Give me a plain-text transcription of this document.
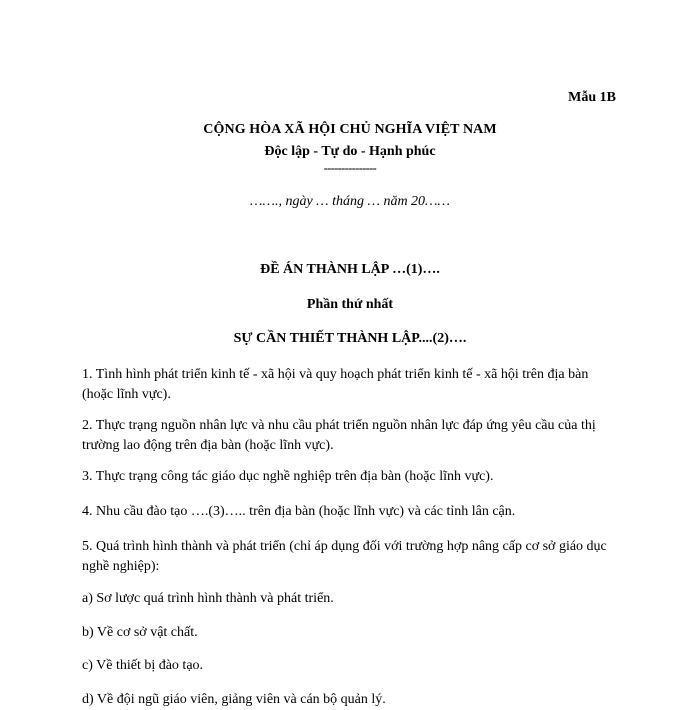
Mẫu 1B
CỘNG HÒA XÃ HỘI CHỦ NGHĨA VIỆT NAM
Độc lập - Tự do - Hạnh phúc
---------------
……., ngày … tháng … năm 20……
ĐỀ ÁN THÀNH LẬP …(1)….
Phần thứ nhất
SỰ CẦN THIẾT THÀNH LẬP....(2)….
1. Tình hình phát triển kinh tế - xã hội và quy hoạch phát triển kinh tế - xã hội trên địa bàn (hoặc lĩnh vực).
2. Thực trạng nguồn nhân lực và nhu cầu phát triển nguồn nhân lực đáp ứng yêu cầu của thị trường lao động trên địa bàn (hoặc lĩnh vực).
3. Thực trạng công tác giáo dục nghề nghiệp trên địa bàn (hoặc lĩnh vực).
4. Nhu cầu đào tạo ….(3)….. trên địa bàn (hoặc lĩnh vực) và các tỉnh lân cận.
5. Quá trình hình thành và phát triển (chỉ áp dụng đối với trường hợp nâng cấp cơ sở giáo dục nghề nghiệp):
a) Sơ lược quá trình hình thành và phát triển.
b) Về cơ sở vật chất.
c) Về thiết bị đào tạo.
d) Về đội ngũ giáo viên, giảng viên và cán bộ quản lý.
